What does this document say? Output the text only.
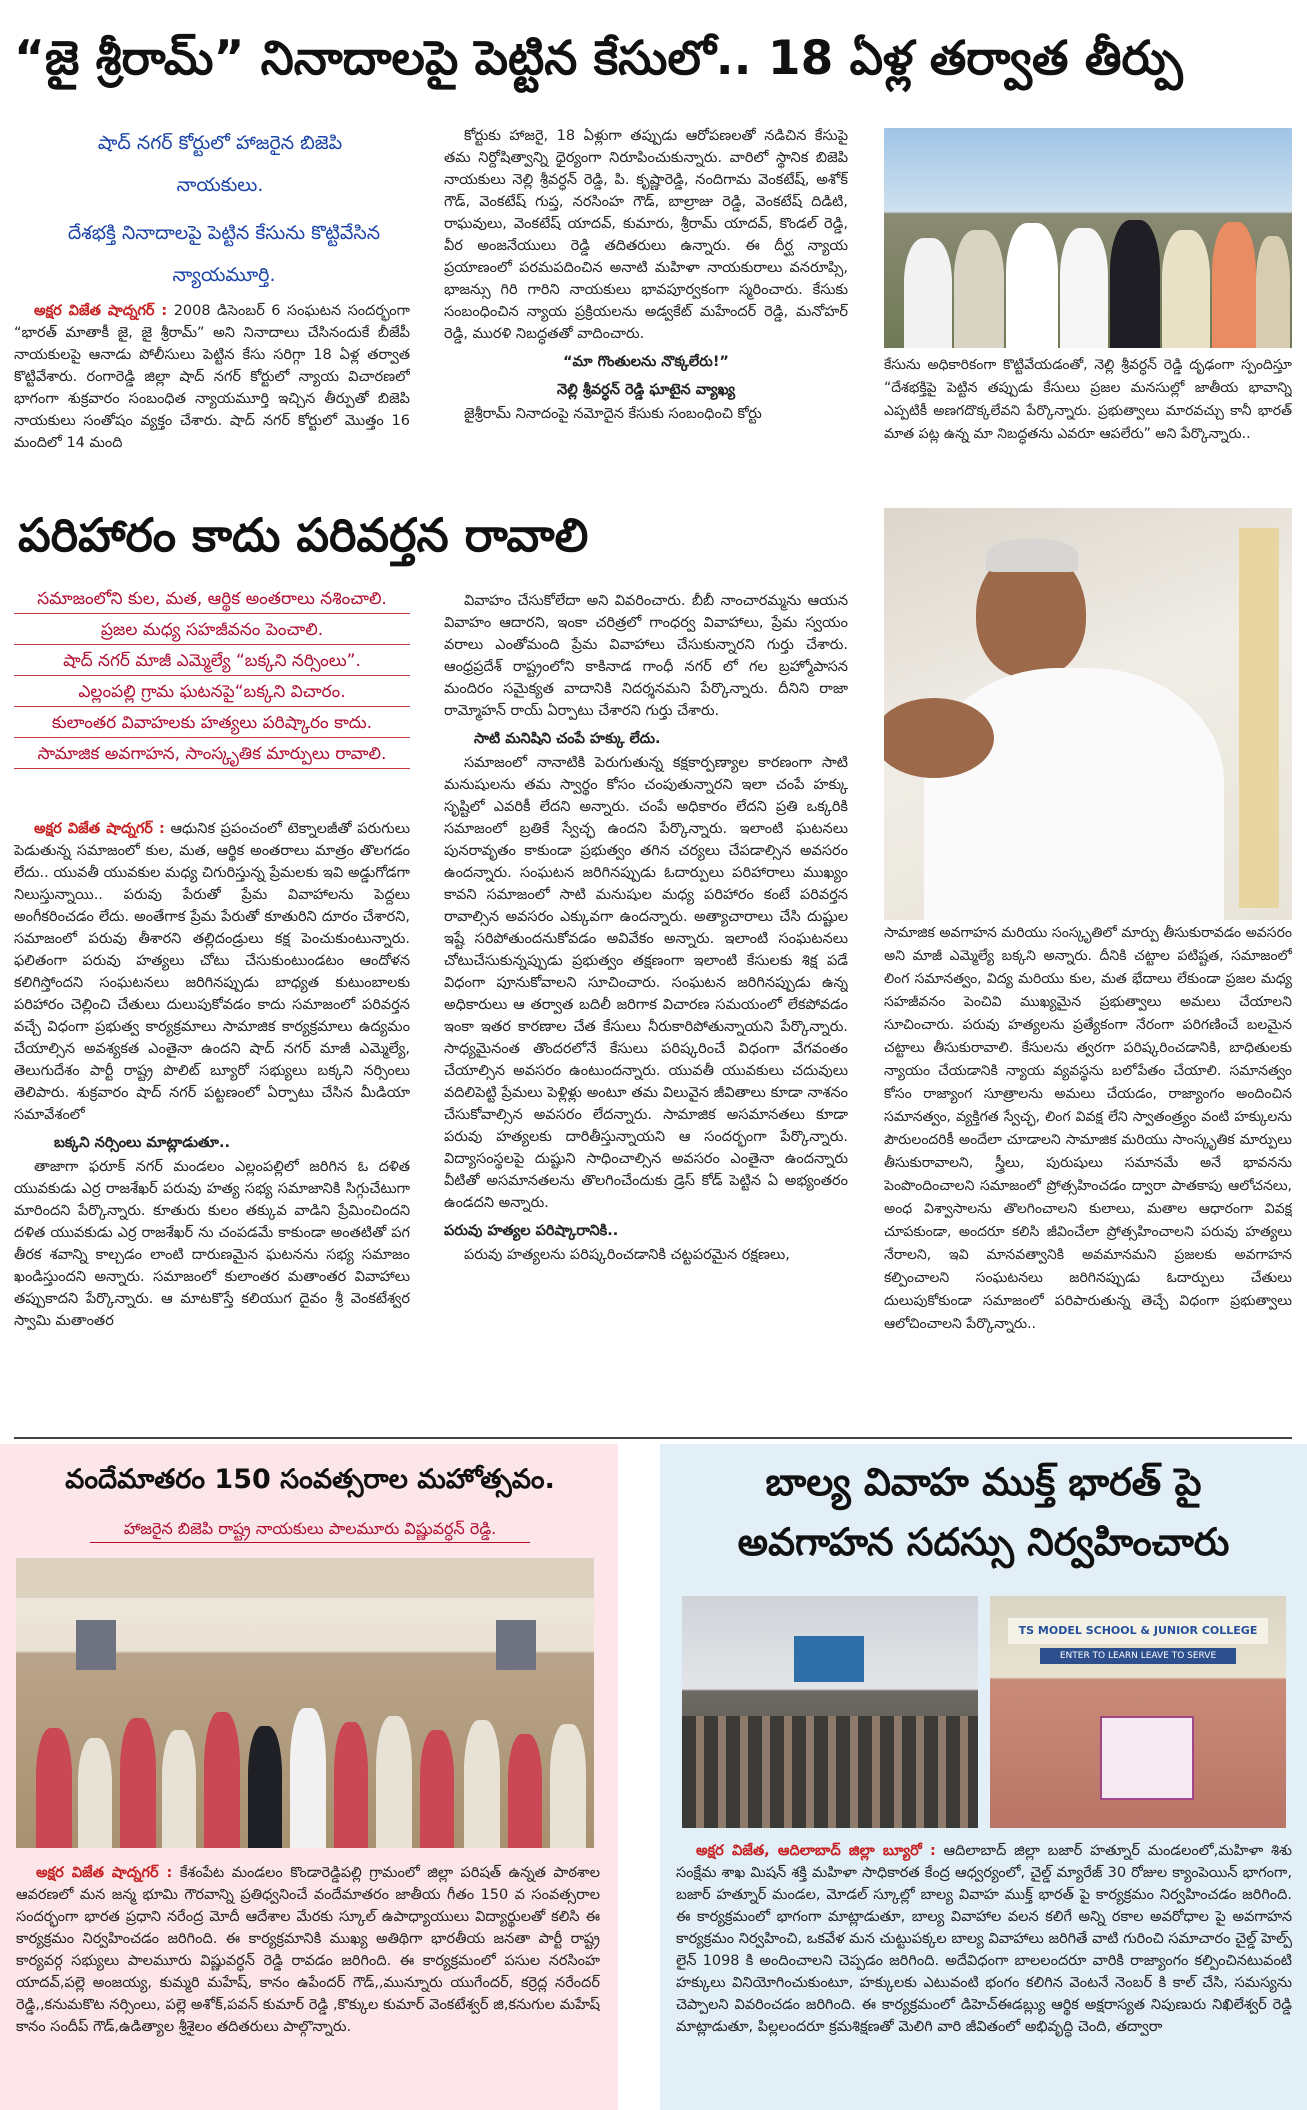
“జై శ్రీరామ్” నినాదాలపై పెట్టిన కేసులో.. 18 ఏళ్ల తర్వాత తీర్పు
షాద్ నగర్ కోర్టులో హాజరైన బిజెపి నాయకులు.
దేశభక్తి నినాదాలపై పెట్టిన కేసును కొట్టివేసిన న్యాయమూర్తి.

అక్షర విజేత షాద్నగర్ : 2008 డిసెంబర్ 6 సంఘటన సందర్భంగా “భారత్ మాతాకీ జై, జై శ్రీరామ్” అని నినాదాలు చేసినందుకే బీజేపీ నాయకులపై ఆనాడు పోలీసులు పెట్టిన కేసు సరిగ్గా 18 ఏళ్ల తర్వాత కొట్టివేశారు. రంగారెడ్డి జిల్లా షాద్ నగర్ కోర్టులో న్యాయ విచారణలో భాగంగా శుక్రవారం సంబంధిత న్యాయమూర్తి ఇచ్చిన తీర్పుతో బిజెపి నాయకులు సంతోషం వ్యక్తం చేశారు. షాద్ నగర్ కోర్టులో మొత్తం 16 మందిలో 14 మంది

కోర్టుకు హాజరై, 18 ఏళ్లుగా తప్పుడు ఆరోపణలతో నడిచిన కేసుపై తమ నిర్దోషిత్వాన్ని ధైర్యంగా నిరూపించుకున్నారు. వారిలో స్థానిక బిజెపి నాయకులు నెల్లి శ్రీవర్ధన్ రెడ్డి, పి. కృష్ణారెడ్డి, నందిగామ వెంకటేష్, అశోక్ గౌడ్, వెంకటేష్ గుప్త, నరసింహ గౌడ్, బాల్రాజు రెడ్డి, వెంకటేష్ దిడిటి, రాఘవులు, వెంకటేష్ యాదవ్, కుమారు, శ్రీరామ్ యాదవ్, కొండల్ రెడ్డి, వీర అంజనేయులు రెడ్డి తదితరులు ఉన్నారు. ఈ దీర్ఘ న్యాయ ప్రయాణంలో పరమపదించిన అనాటి మహిళా నాయకురాలు వనరూప్సి, భాజన్సు గిరి గారిని నాయకులు భావపూర్వకంగా స్మరించారు. కేసుకు సంబంధించిన న్యాయ ప్రక్రియలను అడ్వకేట్ మహేందర్ రెడ్డి, మనోహర్ రెడ్డి, మురళి నిబద్ధతతో వాదించారు.

“మా గొంతులను నొక్కలేరు!”
నెల్లి శ్రీవర్ధన్ రెడ్డి ఘాటైన వ్యాఖ్య

జైశ్రీరామ్ నినాదంపై నమోదైన కేసుకు సంబంధించి కోర్టు

కేసును అధికారికంగా కొట్టివేయడంతో, నెల్లి శ్రీవర్ధన్ రెడ్డి దృఢంగా స్పందిస్తూ “దేశభక్తిపై పెట్టిన తప్పుడు కేసులు ప్రజల మనసుల్లో జాతీయ భావాన్ని ఎప్పటికీ అణగదొక్కలేవని పేర్కొన్నారు. ప్రభుత్వాలు మారవచ్చు కానీ భారత్ మాత పట్ల ఉన్న మా నిబద్ధతను ఎవరూ ఆపలేరు” అని పేర్కొన్నారు..
పరిహారం కాదు పరివర్తన రావాలి
సమాజంలోని కుల, మత, ఆర్థిక అంతరాలు నశించాలి.
ప్రజల మధ్య సహజీవనం పెంచాలి.
షాద్ నగర్ మాజీ ఎమ్మెల్యే “బక్కని నర్సింలు”.
ఎల్లంపల్లి గ్రామ ఘటనపై“బక్కని విచారం.
కులాంతర వివాహలకు హత్యలు పరిష్కారం కాదు.
సామాజిక అవగాహన, సాంస్కృతిక మార్పులు రావాలి.

అక్షర విజేత షాద్నగర్ : ఆధునిక ప్రపంచంలో టెక్నాలజీతో పరుగులు పెడుతున్న సమాజంలో కుల, మత, ఆర్థిక అంతరాలు మాత్రం తొలగడం లేదు.. యువతీ యువకుల మధ్య చిగురిస్తున్న ప్రేమలకు ఇవి అడ్డుగోడగా నిలుస్తున్నాయి.. పరువు పేరుతో ప్రేమ వివాహాలను పెద్దలు అంగీకరించడం లేదు. అంతేగాక ప్రేమ పేరుతో కూతురిని దూరం చేశారని, సమాజంలో పరువు తీశారని తల్లిదండ్రులు కక్ష పెంచుకుంటున్నారు. ఫలితంగా పరువు హత్యలు చోటు చేసుకుంటుండటం ఆందోళన కలిగిస్తోందని సంఘటనలు జరిగినప్పుడు బాధ్యత కుటుంబాలకు పరిహారం చెల్లించి చేతులు దులుపుకోవడం కాదు సమాజంలో పరివర్తన వచ్చే విధంగా ప్రభుత్వ కార్యక్రమాలు సామాజిక కార్యక్రమాలు ఉద్యమం చేయాల్సిన అవశ్యకత ఎంతైనా ఉందని షాద్ నగర్ మాజీ ఎమ్మెల్యే, తెలుగుదేశం పార్టీ రాష్ట్ర పొలిట్ బ్యూరో సభ్యులు బక్కని నర్సింలు తెలిపారు. శుక్రవారం షాద్ నగర్ పట్టణంలో ఏర్పాటు చేసిన మీడియా సమావేశంలో

బక్కని నర్సింలు మాట్లాడుతూ..

తాజాగా ఫరూక్ నగర్ మండలం ఎల్లంపల్లిలో జరిగిన ఓ దళిత యువకుడు ఎర్ర రాజశేఖర్ పరువు హత్య సభ్య సమాజానికి సిగ్గుచేటుగా మారిందని పేర్కొన్నారు. కూతురు కులం తక్కువ వాడిని ప్రేమించిందని దళిత యువకుడు ఎర్ర రాజశేఖర్ ను చంపడమే కాకుండా అంతటితో పగ తీరక శవాన్ని కాల్చడం లాంటి దారుణమైన ఘటనను సభ్య సమాజం ఖండిస్తుందని అన్నారు. సమాజంలో కులాంతర మతాంతర వివాహాలు తప్పుకాదని పేర్కొన్నారు. ఆ మాటకొస్తే కలియుగ దైవం శ్రీ వెంకటేశ్వర స్వామి మతాంతర

వివాహం చేసుకోలేదా అని వివరించారు. బీబీ నాంచారమ్మను ఆయన వివాహం ఆదారని, ఇంకా చరిత్రలో గాంధర్వ వివాహాలు, ప్రేమ స్వయం వరాలు ఎంతోమంది ప్రేమ వివాహాలు చేసుకున్నారని గుర్తు చేశారు. ఆంధ్రప్రదేశ్ రాష్ట్రంలోని కాకినాడ గాంధీ నగర్ లో గల బ్రహ్మోపాసన మందిరం సమైక్యత వాదానికి నిదర్శనమని పేర్కొన్నారు. దీనిని రాజా రామ్మోహన్ రాయ్ ఏర్పాటు చేశారని గుర్తు చేశారు.

సాటి మనిషిని చంపే హక్కు లేదు.

సమాజంలో నానాటికి పెరుగుతున్న కక్షకార్పణ్యాల కారణంగా సాటి మనుషులను తమ స్వార్థం కోసం చంపుతున్నారని ఇలా చంపే హక్కు సృష్టిలో ఎవరికీ లేదని అన్నారు. చంపే అధికారం లేదని ప్రతి ఒక్కరికి సమాజంలో బ్రతికే స్వేచ్ఛ ఉందని పేర్కొన్నారు. ఇలాంటి ఘటనలు పునరావృతం కాకుండా ప్రభుత్వం తగిన చర్యలు చేపడాల్సిన అవసరం ఉందన్నారు. సంఘటన జరిగినప్పుడు ఓదార్పులు పరిహారాలు ముఖ్యం కావని సమాజంలో సాటి మనుషుల మధ్య పరిహారం కంటే పరివర్తన రావాల్సిన అవసరం ఎక్కువగా ఉందన్నారు. అత్యాచారాలు చేసి దుష్టుల ఇష్టే సరిపోతుందనుకోవడం అవివేకం అన్నారు. ఇలాంటి సంఘటనలు చోటుచేసుకున్నప్పుడు ప్రభుత్వం తక్షణంగా ఇలాంటి కేసులకు శిక్ష పడే విధంగా పూనుకోవాలని సూచించారు. సంఘటన జరిగినప్పుడు ఉన్న అధికారులు ఆ తర్వాత బదిలీ జరిగాక విచారణ సమయంలో లేకపోవడం ఇంకా ఇతర కారణాల చేత కేసులు నీరుకారిపోతున్నాయని పేర్కొన్నారు. సాధ్యమైనంత తొందరలోనే కేసులు పరిష్కరించే విధంగా వేగవంతం చేయాల్సిన అవసరం ఉంటుందన్నారు. యువతీ యువకులు చదువులు వదిలిపెట్టి ప్రేమలు పెళ్లిళ్లు అంటూ తమ విలువైన జీవితాలు కూడా నాశనం చేసుకోవాల్సిన అవసరం లేదన్నారు. సామాజిక అసమానతలు కూడా పరువు హత్యలకు దారితీస్తున్నాయని ఆ సందర్భంగా పేర్కొన్నారు. విద్యాసంస్థలపై దుష్టుని సాధించాల్సిన అవసరం ఎంతైనా ఉందన్నారు వీటితో అసమానతలను తొలగించేందుకు డ్రెస్ కోడ్ పెట్టిన ఏ అభ్యంతరం ఉండదని అన్నారు.

పరువు హత్యల పరిష్కారానికి..

పరువు హత్యలను పరిష్కరించడానికి చట్టపరమైన రక్షణలు,

సామాజిక అవగాహన మరియు సంస్కృతిలో మార్పు తీసుకురావడం అవసరం అని మాజీ ఎమ్మెల్యే బక్కని అన్నారు. దీనికి చట్టాల పటిష్టత, సమాజంలో లింగ సమానత్వం, విద్య మరియు కుల, మత భేదాలు లేకుండా ప్రజల మధ్య సహజీవనం పెంచివి ముఖ్యమైన ప్రభుత్వాలు అమలు చేయాలని సూచించారు. పరువు హత్యలను ప్రత్యేకంగా నేరంగా పరిగణించే బలమైన చట్టాలు తీసుకురావాలి. కేసులను త్వరగా పరిష్కరించడానికి, బాధితులకు న్యాయం చేయడానికి న్యాయ వ్యవస్థను బలోపేతం చేయాలి. సమానత్వం కోసం రాజ్యాంగ సూత్రాలను అమలు చేయడం, రాజ్యాంగం అందించిన సమానత్వం, వ్యక్తిగత స్వేచ్ఛ, లింగ వివక్ష లేని స్వాతంత్ర్యం వంటి హక్కులను పౌరులందరికీ అందేలా చూడాలని సామాజిక మరియు సాంస్కృతిక మార్పులు తీసుకురావాలని, స్త్రీలు, పురుషులు సమానమే అనే భావనను పెంపొందించాలని సమాజంలో ప్రోత్సహించడం ద్వారా పాతకాపు ఆలోచనలు, అంధ విశ్వాసాలను తొలగించాలని కులాలు, మతాల ఆధారంగా వివక్ష చూపకుండా, అందరూ కలిసి జీవించేలా ప్రోత్సహించాలని పరువు హత్యలు నేరాలని, ఇవి మానవత్వానికి అవమానమని ప్రజలకు అవగాహన కల్పించాలని సంఘటనలు జరిగినప్పుడు ఓదార్పులు చేతులు దులుపుకోకుండా సమాజంలో పరిపారుతున్న తెచ్చే విధంగా ప్రభుత్వాలు ఆలోచించాలని పేర్కొన్నారు..
వందేమాతరం 150 సంవత్సరాల మహోత్సవం.
హాజరైన బిజెపి రాష్ట్ర నాయకులు పాలమూరు విష్ణువర్ధన్ రెడ్డి.

అక్షర విజేత షాద్నగర్ : కేశంపేట మండలం కొండారెడ్డిపల్లి గ్రామంలో జిల్లా పరిషత్ ఉన్నత పాఠశాల ఆవరణలో మన జన్మ భూమి గౌరవాన్ని ప్రతిధ్వనించే వందేమాతరం జాతీయ గీతం 150 వ సంవత్సరాల సందర్భంగా భారత ప్రధాని నరేంద్ర మోదీ ఆదేశాల మేరకు స్కూల్ ఉపాధ్యాయులు విద్యార్థులతో కలిసి ఈ కార్యక్రమం నిర్వహించడం జరిగింది. ఈ కార్యక్రమానికి ముఖ్య అతిథిగా భారతీయ జనతా పార్టీ రాష్ట్ర కార్యవర్గ సభ్యులు పాలమూరు విష్ణువర్ధన్ రెడ్డి రావడం జరిగింది. ఈ కార్యక్రమంలో పసుల నరసింహ యాదవ్,పల్లె అంజయ్య, కుమ్మరి మహేష్, కానం ఉపేందర్ గౌడ్,,మున్నూరు యుగేందర్, కర్రెద్ల నరేందర్ రెడ్డి,,కనుమకొట నర్సింలు, పల్లె అశోక్,పవన్ కుమార్ రెడ్డి ,కొక్కుల కుమార్ వెంకటేశ్వర్ జి,కనుగుల మహేష్ కానం సందీప్ గౌడ్,ఉడిత్యాల శ్రీశైలం తదితరులు పాల్గొన్నారు.

బాల్య వివాహ ముక్త్ భారత్ పై
అవగాహన సదస్సు నిర్వహించారు
TS MODEL SCHOOL & JUNIOR COLLEGE
ENTER TO LEARN LEAVE TO SERVE

అక్షర విజేత, ఆదిలాబాద్ జిల్లా బ్యూరో : ఆదిలాబాద్ జిల్లా బజార్ హత్నూర్ మండలంలో,మహిళా శిశు సంక్షేమ శాఖ మిషన్ శక్తి మహిళా సాధికారత కేంద్ర ఆధ్వర్యంలో, చైల్డ్ మ్యారేజ్ 30 రోజుల క్యాంపెయిన్ భాగంగా, బజార్ హత్నూర్ మండల, మోడల్ స్కూల్లో బాల్య వివాహ ముక్త్ భారత్ పై కార్యక్రమం నిర్వహించడం జరిగింది. ఈ కార్యక్రమంలో భాగంగా మాట్లాడుతూ, బాల్య వివాహాల వలన కలిగే అన్ని రకాల అవరోధాల పై అవగాహన కార్యక్రమం నిర్వహించి, ఒకవేళ మన చుట్టుపక్కల బాల్య వివాహాలు జరిగితే వాటి గురించి సమాచారం చైల్డ్ హెల్ప్ లైన్ 1098 కి అందించాలని చెప్పడం జరిగింది. అదేవిధంగా బాలలందరూ వారికి రాజ్యాంగం కల్పించినటువంటి హక్కులు వినియోగించుకుంటూ, హక్కులకు ఎటువంటి భంగం కలిగిన వెంటనే నెంబర్ కి కాల్ చేసి, సమస్యను చెప్పాలని వివరించడం జరిగింది. ఈ కార్యక్రమంలో డిహెచ్ఈడబ్ల్యు ఆర్థిక అక్షరాస్యత నిపుణురు నిఖిలేశ్వర్ రెడ్డి మాట్లాడుతూ, పిల్లలందరూ క్రమశిక్షణతో మెలిగి వారి జీవితంలో అభివృద్ధి చెంది, తద్వారా
